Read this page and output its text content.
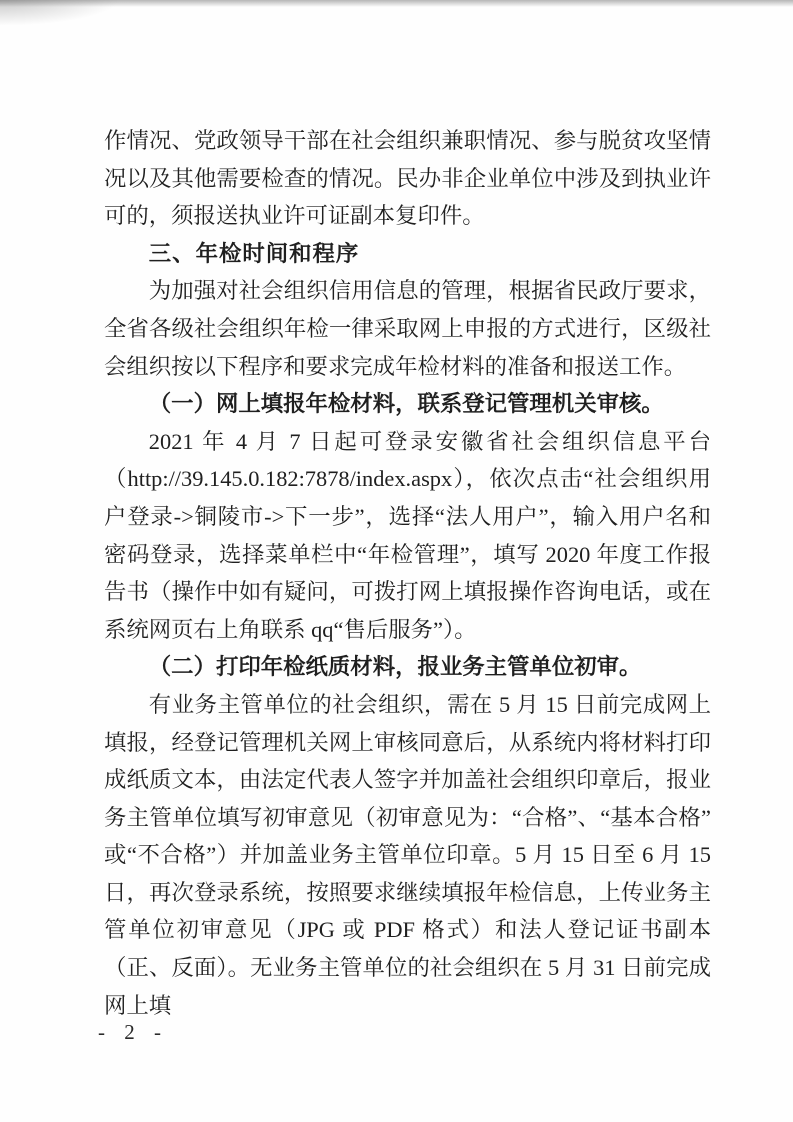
作情况、党政领导干部在社会组织兼职情况、参与脱贫攻坚情况以及其他需要检查的情况。民办非企业单位中涉及到执业许可的，须报送执业许可证副本复印件。

三、年检时间和程序

为加强对社会组织信用信息的管理，根据省民政厅要求，全省各级社会组织年检一律采取网上申报的方式进行，区级社会组织按以下程序和要求完成年检材料的准备和报送工作。

（一）网上填报年检材料，联系登记管理机关审核。

2021 年 4 月 7 日起可登录安徽省社会组织信息平台（http://39.145.0.182:7878/index.aspx），依次点击“社会组织用户登录->铜陵市->下一步”，选择“法人用户”，输入用户名和密码登录，选择菜单栏中“年检管理”，填写 2020 年度工作报告书（操作中如有疑问，可拨打网上填报操作咨询电话，或在系统网页右上角联系 qq“售后服务”）。

（二）打印年检纸质材料，报业务主管单位初审。

有业务主管单位的社会组织，需在 5 月 15 日前完成网上填报，经登记管理机关网上审核同意后，从系统内将材料打印成纸质文本，由法定代表人签字并加盖社会组织印章后，报业务主管单位填写初审意见（初审意见为：“合格”、“基本合格”或“不合格”）并加盖业务主管单位印章。5 月 15 日至 6 月 15 日，再次登录系统，按照要求继续填报年检信息，上传业务主管单位初审意见（JPG 或 PDF 格式）和法人登记证书副本（正、反面）。无业务主管单位的社会组织在 5 月 31 日前完成网上填

- 2 -
